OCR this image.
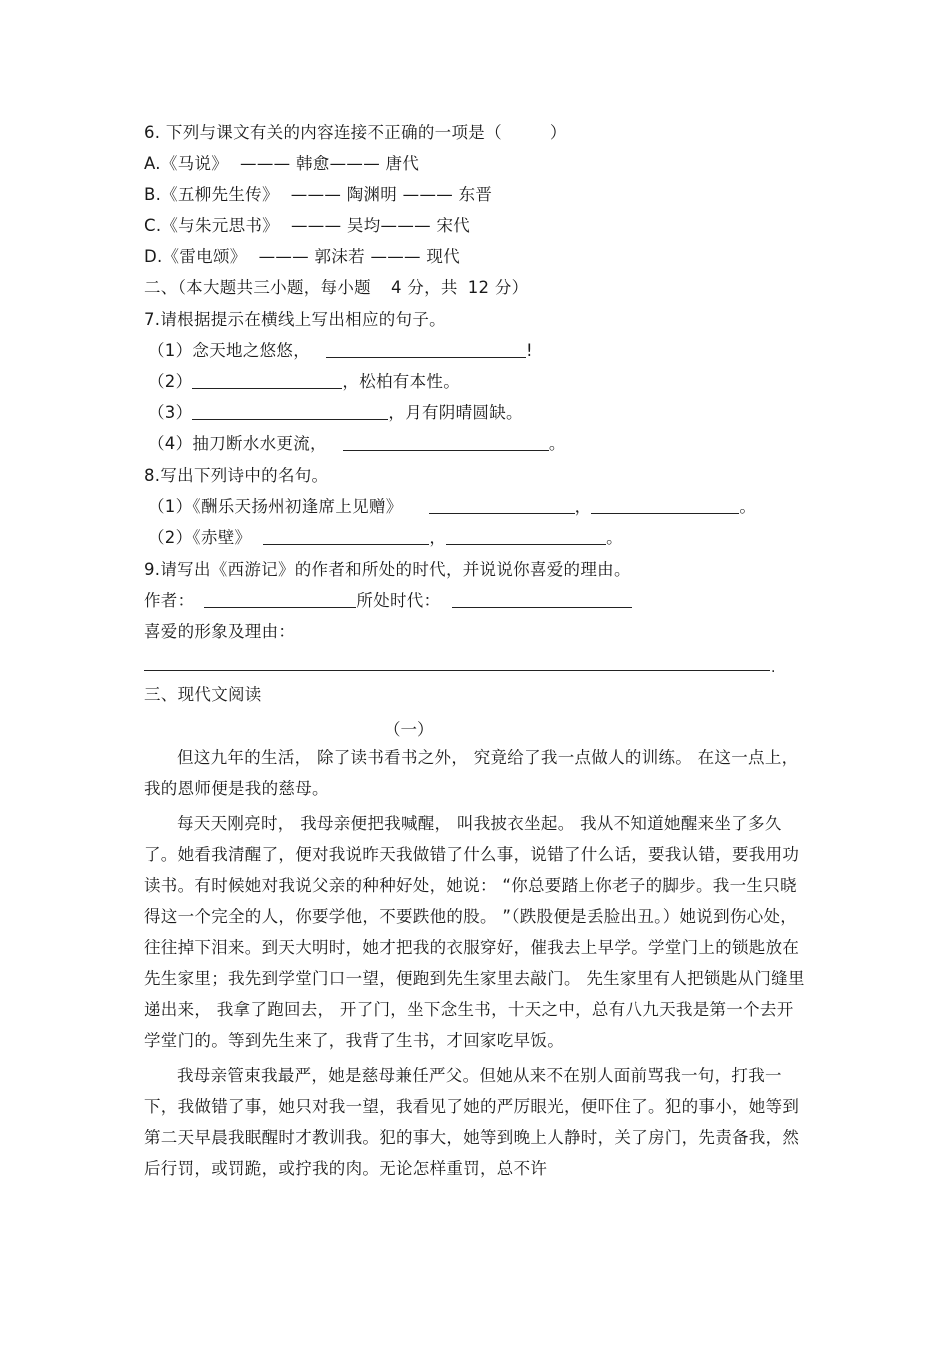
6. 下列与课文有关的内容连接不正确的一项是（	）
A.《马说》 ——— 韩愈——— 唐代
B.《五柳先生传》 ——— 陶渊明 ——— 东晋
C.《与朱元思书》 ——— 吴均——— 宋代
D.《雷电颂》 ——— 郭沫若 ——— 现代
二、（本大题共三小题，每小题 4 分，共 12 分）
7.请根据提示在横线上写出相应的句子。
（1）念天地之悠悠，	!
（2）	，松柏有本性。
（3）	，月有阴晴圆缺。
（4）抽刀断水水更流，	。
8.写出下列诗中的名句。
（1）《酬乐天扬州初逢席上见赠》	，	。
（2）《赤壁》	，	。
9.请写出《西游记》的作者和所处的时代，并说说你喜爱的理由。
作者：	所处时代：
喜爱的形象及理由：
.
三、现代文阅读
（一）

但这九年的生活， 除了读书看书之外， 究竟给了我一点做人的训练。 在这一点上，我的恩师便是我的慈母。

每天天刚亮时， 我母亲便把我喊醒， 叫我披衣坐起。 我从不知道她醒来坐了多久了。她看我清醒了，便对我说昨天我做错了什么事，说错了什么话，要我认错，要我用功读书。有时候她对我说父亲的种种好处，她说： “你总要踏上你老子的脚步。我一生只晓得这一个完全的人，你要学他，不要跌他的股。 ”（跌股便是丢脸出丑。）她说到伤心处，往往掉下泪来。到天大明时，她才把我的衣服穿好，催我去上早学。学堂门上的锁匙放在先生家里；我先到学堂门口一望，便跑到先生家里去敲门。 先生家里有人把锁匙从门缝里递出来， 我拿了跑回去， 开了门，坐下念生书，十天之中，总有八九天我是第一个去开学堂门的。等到先生来了，我背了生书，才回家吃早饭。

我母亲管束我最严，她是慈母兼任严父。但她从来不在别人面前骂我一句，打我一下，我做错了事，她只对我一望，我看见了她的严厉眼光，便吓住了。犯的事小，她等到第二天早晨我眠醒时才教训我。犯的事大，她等到晚上人静时，关了房门，先责备我，然后行罚，或罚跪，或拧我的肉。无论怎样重罚，总不许
